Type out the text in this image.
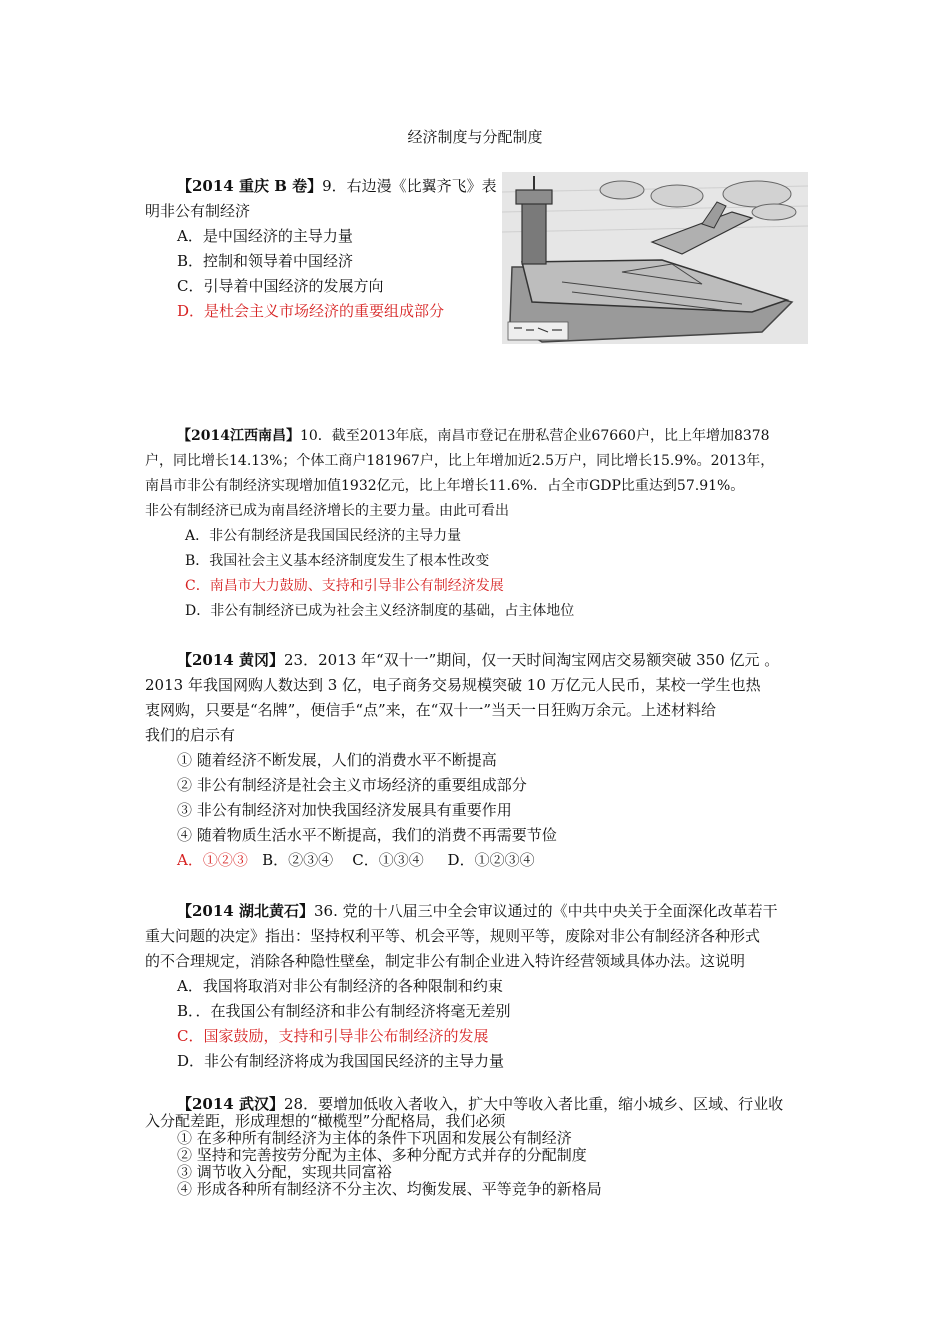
经济制度与分配制度
【2014 重庆 B 卷】9．右边漫《比翼齐飞》表
明非公有制经济
A．是中国经济的主导力量
B．控制和领导着中国经济
C．引导着中国经济的发展方向
D．是杜会主义市场经济的重要组成部分
【2014江西南昌】10．截至2013年底，南昌市登记在册私营企业67660户，比上年增加8378
户，同比增长14.13%；个体工商户181967户，比上年增加近2.5万户，同比增长15.9%。2013年，
南昌市非公有制经济实现增加值1932亿元，比上年增长11.6%．占全市GDP比重达到57.91%。
非公有制经济已成为南昌经济增长的主要力量。由此可看出
A．非公有制经济是我国国民经济的主导力量
B．我国社会主义基本经济制度发生了根本性改变
C．南昌市大力鼓励、支持和引导非公有制经济发展
D．非公有制经济已成为社会主义经济制度的基础，占主体地位
【2014 黄冈】23．2013 年“双十一”期间，仅一天时间淘宝网店交易额突破 350 亿元 。
2013 年我国网购人数达到 3 亿，电子商务交易规模突破 10 万亿元人民币，某校一学生也热
衷网购，只要是“名牌”，便信手“点”来，在“双十一”当天一日狂购万余元。上述材料给
我们的启示有
① 随着经济不断发展，人们的消费水平不断提高
② 非公有制经济是社会主义市场经济的重要组成部分
③ 非公有制经济对加快我国经济发展具有重要作用
④ 随着物质生活水平不断提高，我们的消费不再需要节俭
A．①②③   B．②③④    C．①③④     D．①②③④
【2014 湖北黄石】36. 党的十八届三中全会审议通过的《中共中央关于全面深化改革若干
重大问题的决定》指出：坚持权利平等、机会平等，规则平等，废除对非公有制经济各种形式
的不合理规定，消除各种隐性壁垒，制定非公有制企业进入特许经营领域具体办法。这说明
A．我国将取消对非公有制经济的各种限制和约束
B．．在我国公有制经济和非公有制经济将毫无差别
C．国家鼓励，支持和引导非公布制经济的发展
D．非公有制经济将成为我国国民经济的主导力量
【2014 武汉】28．要增加低收入者收入，扩大中等收入者比重，缩小城乡、区域、行业收
入分配差距，形成理想的“橄榄型”分配格局，我们必须
① 在多种所有制经济为主体的条件下巩固和发展公有制经济
② 坚持和完善按劳分配为主体、多种分配方式并存的分配制度
③ 调节收入分配，实现共同富裕
④ 形成各种所有制经济不分主次、均衡发展、平等竞争的新格局
